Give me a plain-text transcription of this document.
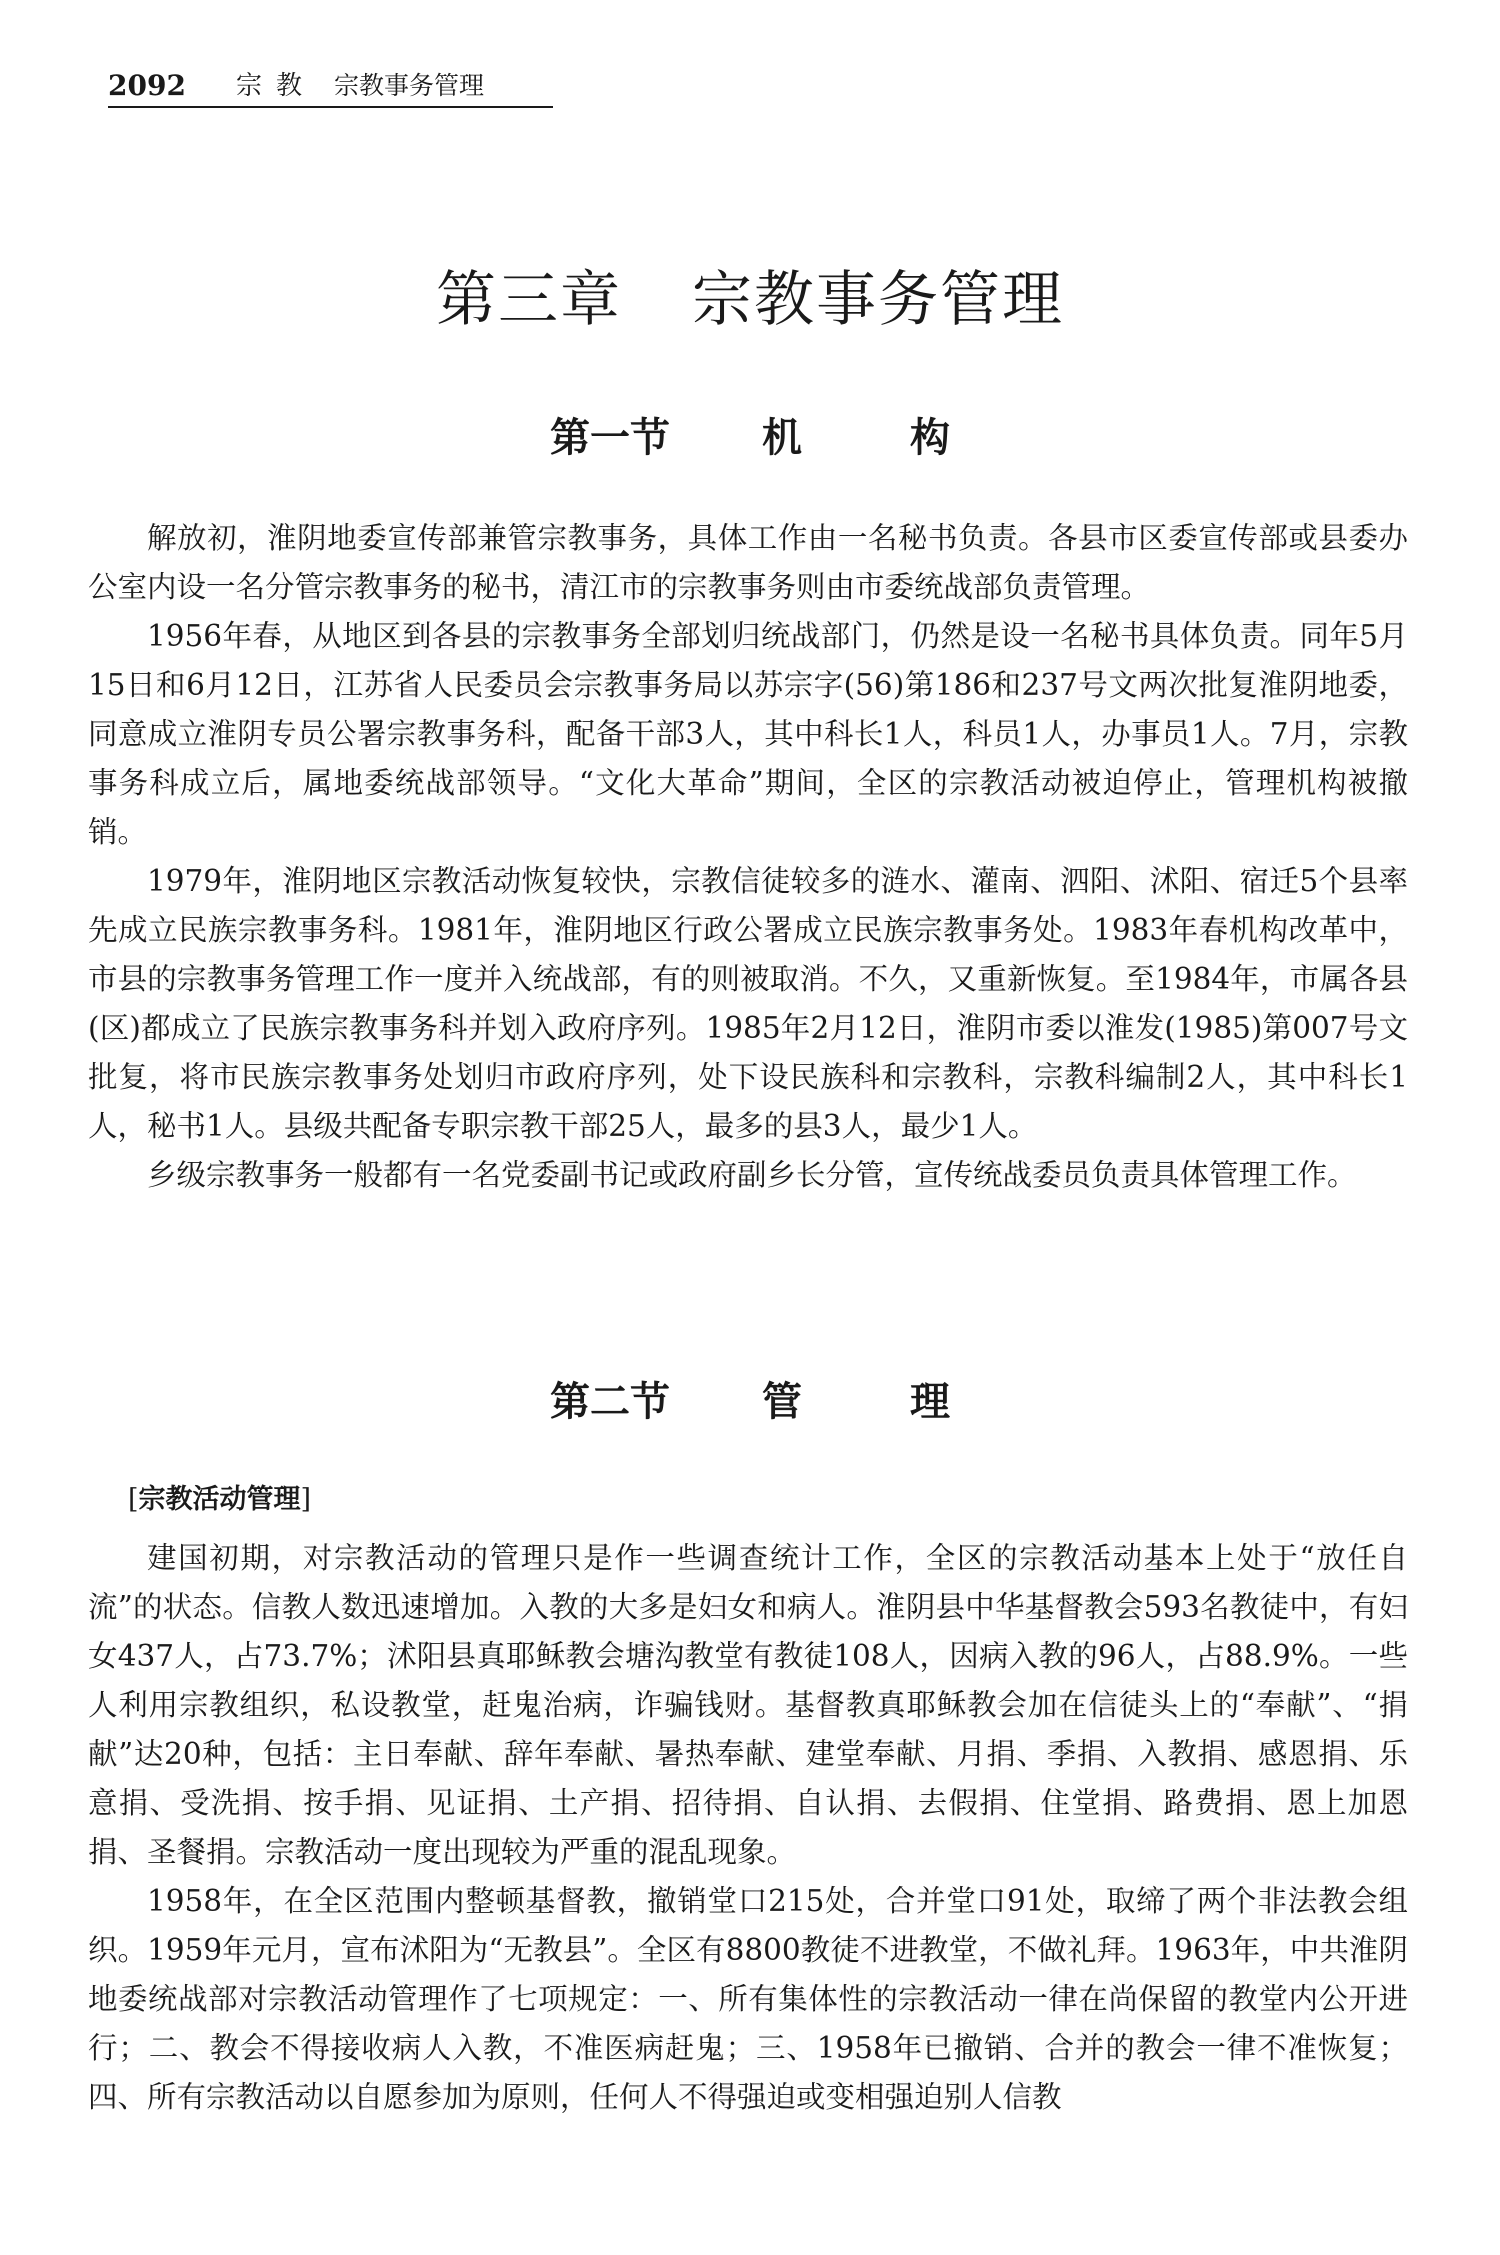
2092 宗教 宗教事务管理
第三章 宗教事务管理
第一节 机	构

解放初，淮阴地委宣传部兼管宗教事务，具体工作由一名秘书负责。各县市区委宣传部或县委办公室内设一名分管宗教事务的秘书，清江市的宗教事务则由市委统战部负责管理。

1956年春，从地区到各县的宗教事务全部划归统战部门，仍然是设一名秘书具体负责。同年5月15日和6月12日，江苏省人民委员会宗教事务局以苏宗字(56)第186和237号文两次批复淮阴地委，同意成立淮阴专员公署宗教事务科，配备干部3人，其中科长1人，科员1人，办事员1人。7月，宗教事务科成立后，属地委统战部领导。“文化大革命”期间，全区的宗教活动被迫停止，管理机构被撤销。

1979年，淮阴地区宗教活动恢复较快，宗教信徒较多的涟水、灌南、泗阳、沭阳、宿迁5个县率先成立民族宗教事务科。1981年，淮阴地区行政公署成立民族宗教事务处。1983年春机构改革中，市县的宗教事务管理工作一度并入统战部，有的则被取消。不久，又重新恢复。至1984年，市属各县(区)都成立了民族宗教事务科并划入政府序列。1985年2月12日，淮阴市委以淮发(1985)第007号文批复，将市民族宗教事务处划归市政府序列，处下设民族科和宗教科，宗教科编制2人，其中科长1人，秘书1人。县级共配备专职宗教干部25人，最多的县3人，最少1人。

乡级宗教事务一般都有一名党委副书记或政府副乡长分管，宣传统战委员负责具体管理工作。

第二节 管	理
[宗教活动管理]

建国初期，对宗教活动的管理只是作一些调查统计工作，全区的宗教活动基本上处于“放任自流”的状态。信教人数迅速增加。入教的大多是妇女和病人。淮阴县中华基督教会593名教徒中，有妇女437人，占73.7%；沭阳县真耶稣教会塘沟教堂有教徒108人，因病入教的96人，占88.9%。一些人利用宗教组织，私设教堂，赶鬼治病，诈骗钱财。基督教真耶稣教会加在信徒头上的“奉献”、“捐献”达20种，包括：主日奉献、辞年奉献、暑热奉献、建堂奉献、月捐、季捐、入教捐、感恩捐、乐意捐、受洗捐、按手捐、见证捐、土产捐、招待捐、自认捐、去假捐、住堂捐、路费捐、恩上加恩捐、圣餐捐。宗教活动一度出现较为严重的混乱现象。

1958年，在全区范围内整顿基督教，撤销堂口215处，合并堂口91处，取缔了两个非法教会组织。1959年元月，宣布沭阳为“无教县”。全区有8800教徒不进教堂，不做礼拜。1963年，中共淮阴地委统战部对宗教活动管理作了七项规定：一、所有集体性的宗教活动一律在尚保留的教堂内公开进行；二、教会不得接收病人入教，不准医病赶鬼；三、1958年已撤销、合并的教会一律不准恢复；四、所有宗教活动以自愿参加为原则，任何人不得强迫或变相强迫别人信教
